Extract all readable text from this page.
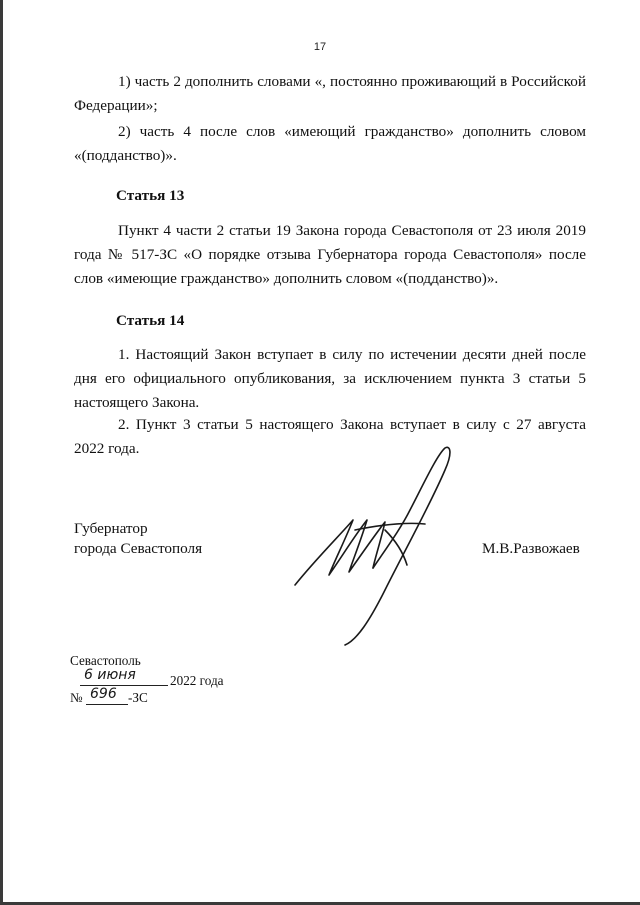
17

1) часть 2 дополнить словами «, постоянно проживающий в Российской Федерации»;

2) часть 4 после слов «имеющий гражданство» дополнить словом «(подданство)».

Статья 13

Пункт 4 части 2 статьи 19 Закона города Севастополя от 23 июля 2019 года № 517-ЗС «О порядке отзыва Губернатора города Севастополя» после слов «имеющие гражданство» дополнить словом «(подданство)».

Статья 14

1. Настоящий Закон вступает в силу по истечении десяти дней после дня его официального опубликования, за исключением пункта 3 статьи 5 настоящего Закона.

2. Пункт 3 статьи 5 настоящего Закона вступает в силу с 27 августа 2022 года.

Губернатор
города Севастополя	М.В.Развожаев
Севастополь
6 июня	2022 года
№ 696 -ЗС
